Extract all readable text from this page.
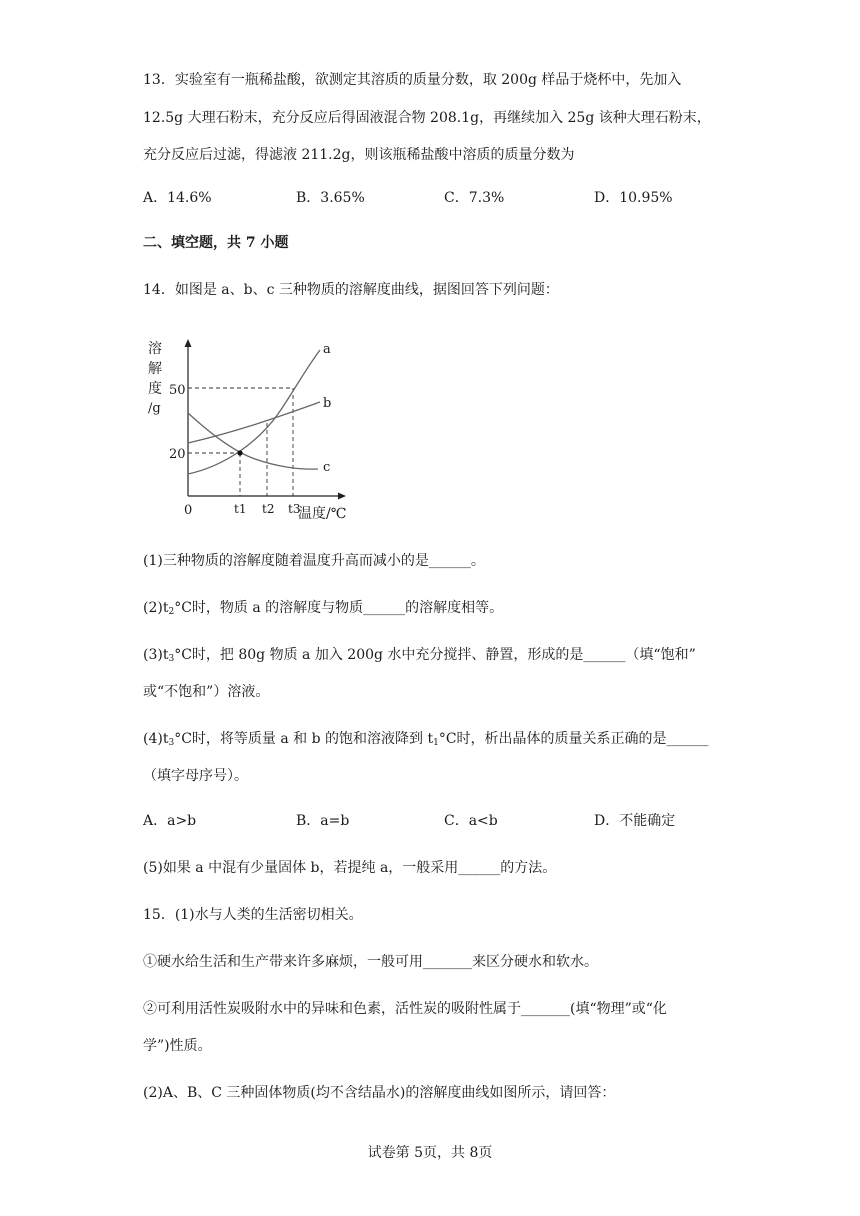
13．实验室有一瓶稀盐酸，欲测定其溶质的质量分数，取 200g 样品于烧杯中，先加入
12.5g 大理石粉末，充分反应后得固液混合物 208.1g，再继续加入 25g 该种大理石粉末，
充分反应后过滤，得滤液 211.2g，则该瓶稀盐酸中溶质的质量分数为
A．14.6%	B．3.65%	C．7.3%	D．10.95%
二、填空题，共 7 小题
14．如图是 a、b、c 三种物质的溶解度曲线，据图回答下列问题：
溶
解
度
/g
50
20
0	t1 t2 t3
温度/℃
a
b
c
(1)三种物质的溶解度随着温度升高而减小的是______。
$(2)t_2^\circ C$时，物质 a 的溶解度与物质______的溶解度相等。
$(3)t_3^\circ C$时，把 80g 物质 a 加入 200g 水中充分搅拌、静置，形成的是______（填“饱和”
或“不饱和”）溶液。
$(4)t_3^\circ C$时，将等质量 a 和 b 的饱和溶液降到 $t_1^\circ C$时，析出晶体的质量关系正确的是______
（填字母序号）。
A．a>b	B．a=b	C．a<b	D．不能确定
(5)如果 a 中混有少量固体 b，若提纯 a，一般采用______的方法。
15．(1)水与人类的生活密切相关。
①硬水给生活和生产带来许多麻烦，一般可用_______来区分硬水和软水。
②可利用活性炭吸附水中的异味和色素，活性炭的吸附性属于_______(填“物理”或“化
学”)性质。
(2)A、B、C 三种固体物质(均不含结晶水)的溶解度曲线如图所示，请回答：
试卷第 5页，共 8页
